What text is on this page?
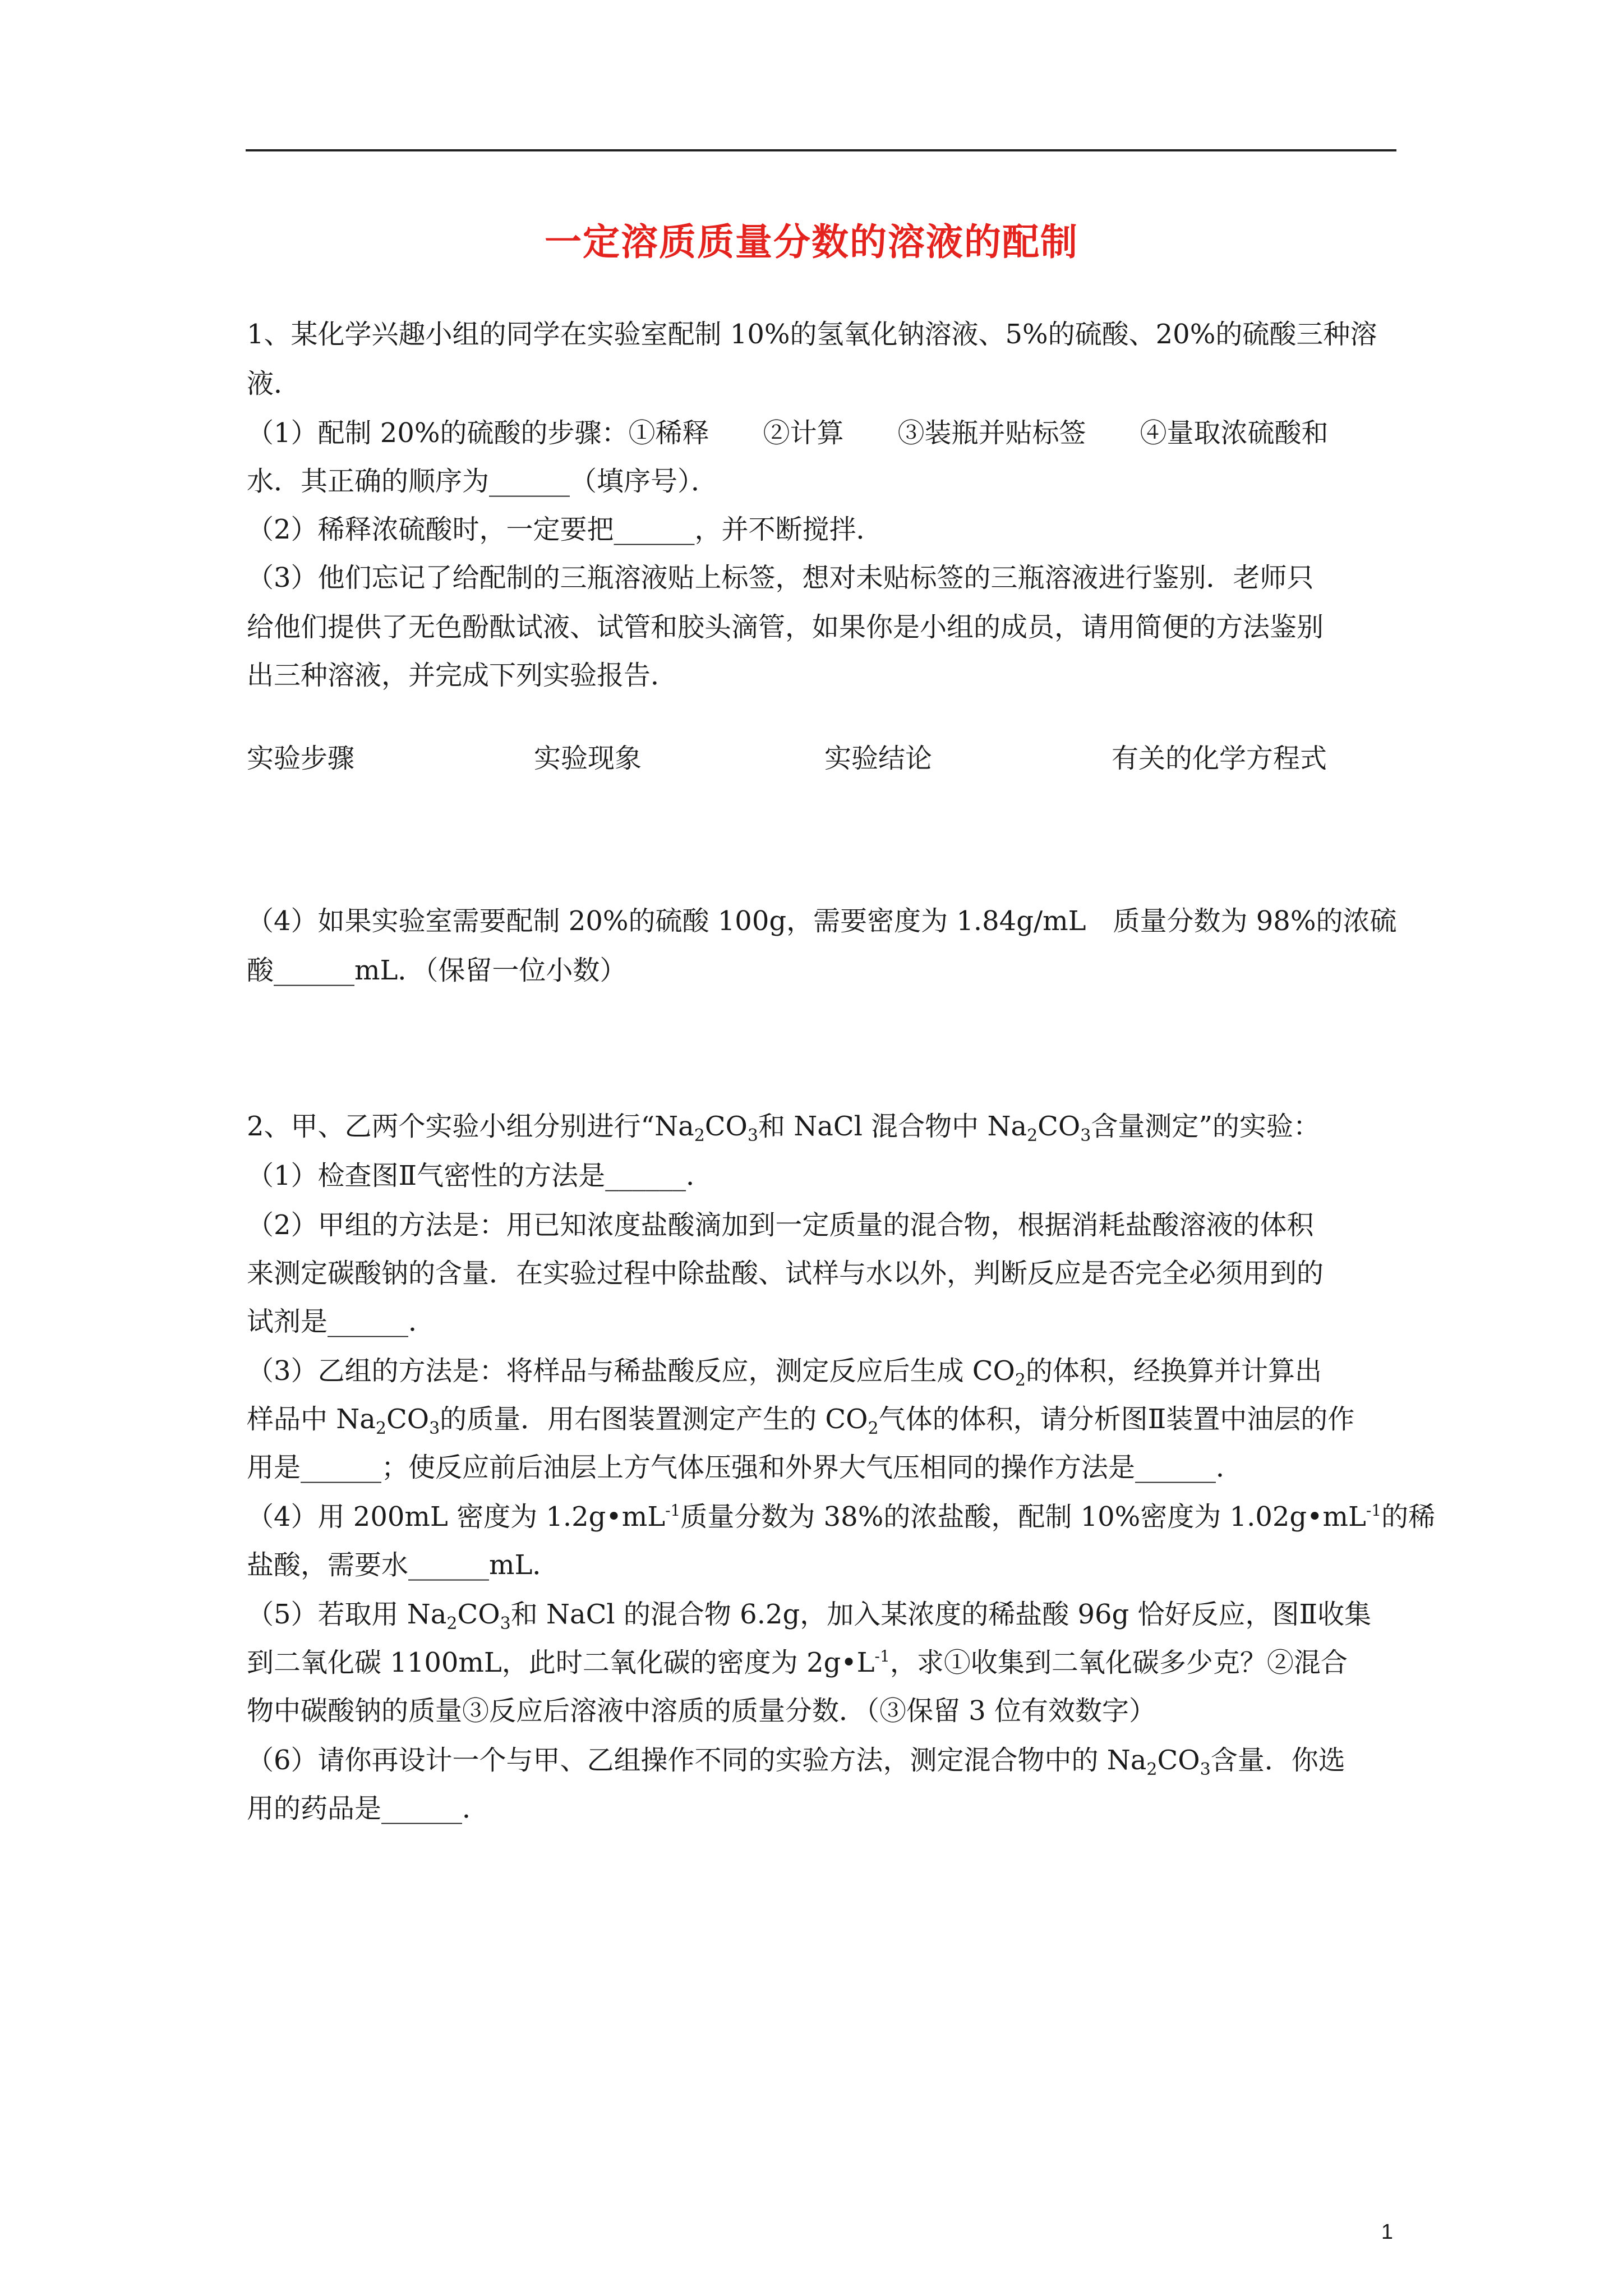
一定溶质质量分数的溶液的配制
1、某化学兴趣小组的同学在实验室配制 10%的氢氧化钠溶液、5%的硫酸、20%的硫酸三种溶
液．
（1）配制 20%的硫酸的步骤：①稀释　　②计算　　③装瓶并贴标签　　④量取浓硫酸和
水．其正确的顺序为______（填序号）．
（2）稀释浓硫酸时，一定要把______，并不断搅拌．
（3）他们忘记了给配制的三瓶溶液贴上标签，想对未贴标签的三瓶溶液进行鉴别．老师只
给他们提供了无色酚酞试液、试管和胶头滴管，如果你是小组的成员，请用简便的方法鉴别
出三种溶液，并完成下列实验报告．
实验步骤	实验现象	实验结论	有关的化学方程式
（4）如果实验室需要配制 20%的硫酸 100g，需要密度为 1.84g/mL　质量分数为 98%的浓硫
酸______mL．（保留一位小数）
2、甲、乙两个实验小组分别进行“$Na_2CO_3$和 NaCl 混合物中 $Na_2CO_3$含量测定”的实验：
（1）检查图Ⅱ气密性的方法是______．
（2）甲组的方法是：用已知浓度盐酸滴加到一定质量的混合物，根据消耗盐酸溶液的体积
来测定碳酸钠的含量．在实验过程中除盐酸、试样与水以外，判断反应是否完全必须用到的
试剂是______．
（3）乙组的方法是：将样品与稀盐酸反应，测定反应后生成 $CO_2$的体积，经换算并计算出
样品中 $Na_2CO_3$的质量．用右图装置测定产生的 $CO_2$气体的体积，请分析图Ⅱ装置中油层的作
用是______；使反应前后油层上方气体压强和外界大气压相同的操作方法是______．
（4）用 200mL 密度为 $1.2g•mL^{-1}$质量分数为 38%的浓盐酸，配制 10%密度为 $1.02g•mL^{-1}$的稀
盐酸，需要水______mL．
（5）若取用 $Na_2CO_3$和 NaCl 的混合物 6.2g，加入某浓度的稀盐酸 96g 恰好反应，图Ⅱ收集
到二氧化碳 1100mL，此时二氧化碳的密度为 $2g•L^{-1}$，求①收集到二氧化碳多少克？②混合
物中碳酸钠的质量③反应后溶液中溶质的质量分数．（③保留 3 位有效数字）
（6）请你再设计一个与甲、乙组操作不同的实验方法，测定混合物中的 $Na_2CO_3$含量．你选
用的药品是______．
1
